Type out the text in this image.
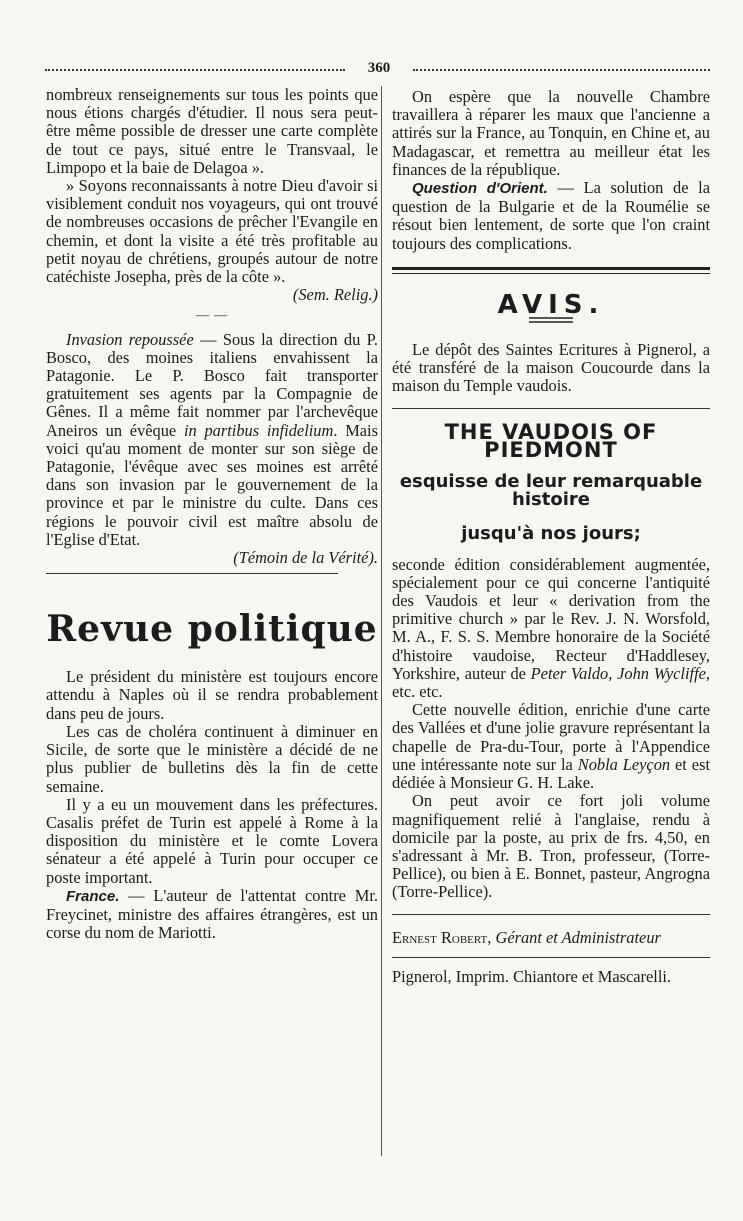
360

nombreux renseignements sur tous les points que nous étions chargés d'étudier. Il nous sera peut-être même possible de dresser une carte complète de tout ce pays, situé entre le Transvaal, le Limpopo et la baie de Delagoa ».

» Soyons reconnaissants à notre Dieu d'avoir si visiblement conduit nos voyageurs, qui ont trouvé de nombreuses occasions de prêcher l'Evangile en chemin, et dont la visite a été très profitable au petit noyau de chrétiens, groupés autour de notre catéchiste Josepha, près de la côte ».

(Sem. Relig.)

— —

Invasion repoussée — Sous la direction du P. Bosco, des moines italiens envahissent la Patagonie. Le P. Bosco fait transporter gratuitement ses agents par la Compagnie de Gênes. Il a même fait nommer par l'archevêque Aneiros un évêque in partibus infidelium. Mais voici qu'au moment de monter sur son siège de Patagonie, l'évêque avec ses moines est arrêté dans son invasion par le gouvernement de la province et par le ministre du culte. Dans ces régions le pouvoir civil est maître absolu de l'Eglise d'Etat.

(Témoin de la Vérité).

Revue politique

Le président du ministère est toujours encore attendu à Naples où il se rendra probablement dans peu de jours.

Les cas de choléra continuent à diminuer en Sicile, de sorte que le ministère a décidé de ne plus publier de bulletins dès la fin de cette semaine.

Il y a eu un mouvement dans les préfectures. Casalis préfet de Turin est appelé à Rome à la disposition du ministère et le comte Lovera sénateur a été appelé à Turin pour occuper ce poste important.

France. — L'auteur de l'attentat contre Mr. Freycinet, ministre des affaires étrangères, est un corse du nom de Mariotti.

On espère que la nouvelle Chambre travaillera à réparer les maux que l'ancienne a attirés sur la France, au Tonquin, en Chine et, au Madagascar, et remettra au meilleur état les finances de la république.

Question d'Orient. — La solution de la question de la Bulgarie et de la Roumélie se résout bien lentement, de sorte que l'on craint toujours des complications.

AVIS.

Le dépôt des Saintes Ecritures à Pignerol, a été transféré de la maison Coucourde dans la maison du Temple vaudois.

THE VAUDOIS OF PIEDMONT
esquisse de leur remarquable histoire
jusqu'à nos jours;

seconde édition considérablement augmentée, spécialement pour ce qui concerne l'antiquité des Vaudois et leur « derivation from the primitive church » par le Rev. J. N. Worsfold, M. A., F. S. S. Membre honoraire de la Société d'histoire vaudoise, Recteur d'Haddlesey, Yorkshire, auteur de Peter Valdo, John Wycliffe, etc. etc.

Cette nouvelle édition, enrichie d'une carte des Vallées et d'une jolie gravure représentant la chapelle de Pra-du-Tour, porte à l'Appendice une intéressante note sur la Nobla Leyçon et est dédiée à Monsieur G. H. Lake.

On peut avoir ce fort joli volume magnifiquement relié à l'anglaise, rendu à domicile par la poste, au prix de frs. 4,50, en s'adressant à Mr. B. Tron, professeur, (Torre-Pellice), ou bien à E. Bonnet, pasteur, Angrogna (Torre-Pellice).

Ernest Robert, Gérant et Administrateur

Pignerol, Imprim. Chiantore et Mascarelli.
